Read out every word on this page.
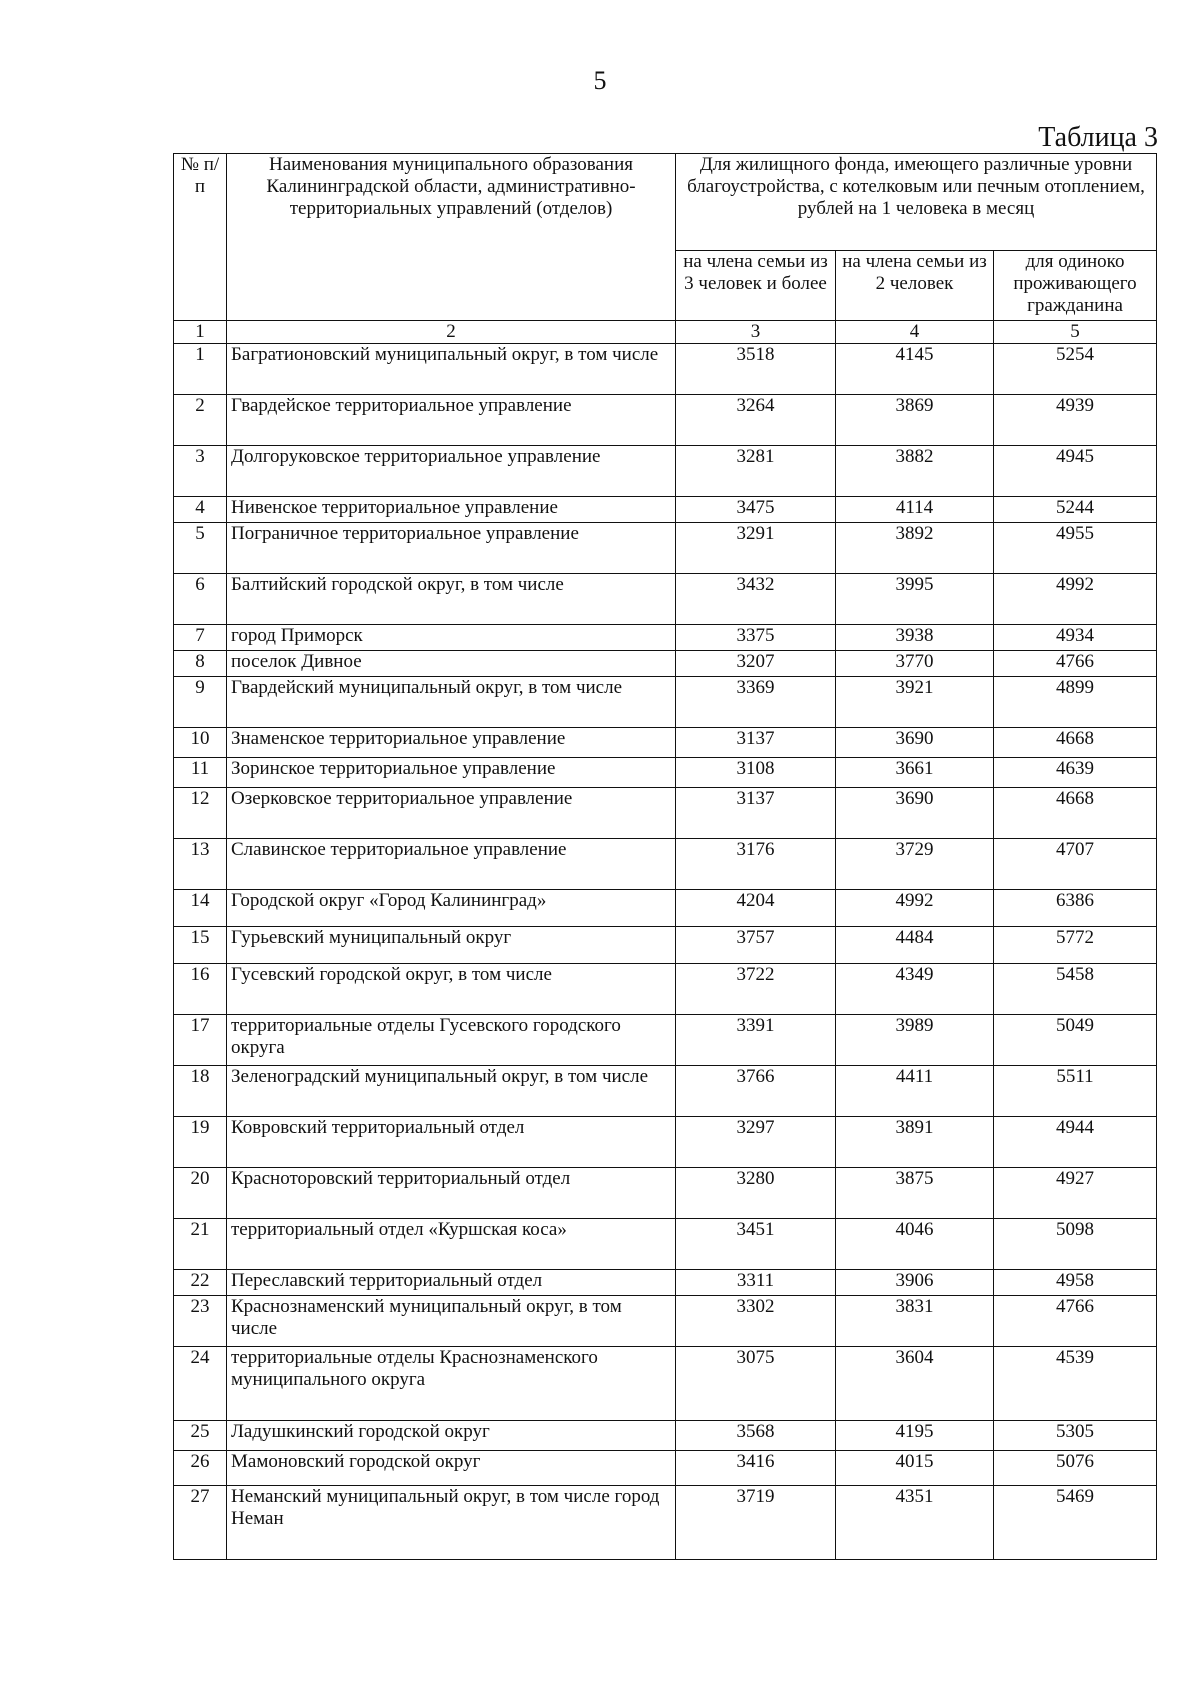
5
Таблица 3
№ п/п	Наименования муниципального образования Калининградской области, административно-территориальных управлений (отделов)	Для жилищного фонда, имеющего различные уровни благоустройства, с котелковым или печным отоплением, рублей на 1 человека в месяц		
		на члена семьи из 3 человек и более	на члена семьи из 2 человек	для одиноко проживающего гражданина
1	2	3	4	5
1	Багратионовский муниципальный округ, в том числе	3518	4145	5254
2	Гвардейское территориальное управление	3264	3869	4939
3	Долгоруковское территориальное управление	3281	3882	4945
4	Нивенское территориальное управление	3475	4114	5244
5	Пограничное территориальное управление	3291	3892	4955
6	Балтийский городской округ, в том числе	3432	3995	4992
7	город Приморск	3375	3938	4934
8	поселок Дивное	3207	3770	4766
9	Гвардейский муниципальный округ, в том числе	3369	3921	4899
10	Знаменское территориальное управление	3137	3690	4668
11	Зоринское территориальное управление	3108	3661	4639
12	Озерковское территориальное управление	3137	3690	4668
13	Славинское территориальное управление	3176	3729	4707
14	Городской округ «Город Калининград»	4204	4992	6386
15	Гурьевский муниципальный округ	3757	4484	5772
16	Гусевский городской округ, в том числе	3722	4349	5458
17	территориальные отделы Гусевского городского округа	3391	3989	5049
18	Зеленоградский муниципальный округ, в том числе	3766	4411	5511
19	Ковровский территориальный отдел	3297	3891	4944
20	Красноторовский территориальный отдел	3280	3875	4927
21	территориальный отдел «Куршская коса»	3451	4046	5098
22	Переславский территориальный отдел	3311	3906	4958
23	Краснознаменский муниципальный округ, в том числе	3302	3831	4766
24	территориальные отделы Краснознаменского муниципального округа	3075	3604	4539
25	Ладушкинский городской округ	3568	4195	5305
26	Мамоновский городской округ	3416	4015	5076
27	Неманский муниципальный округ, в том числе город Неман	3719	4351	5469
